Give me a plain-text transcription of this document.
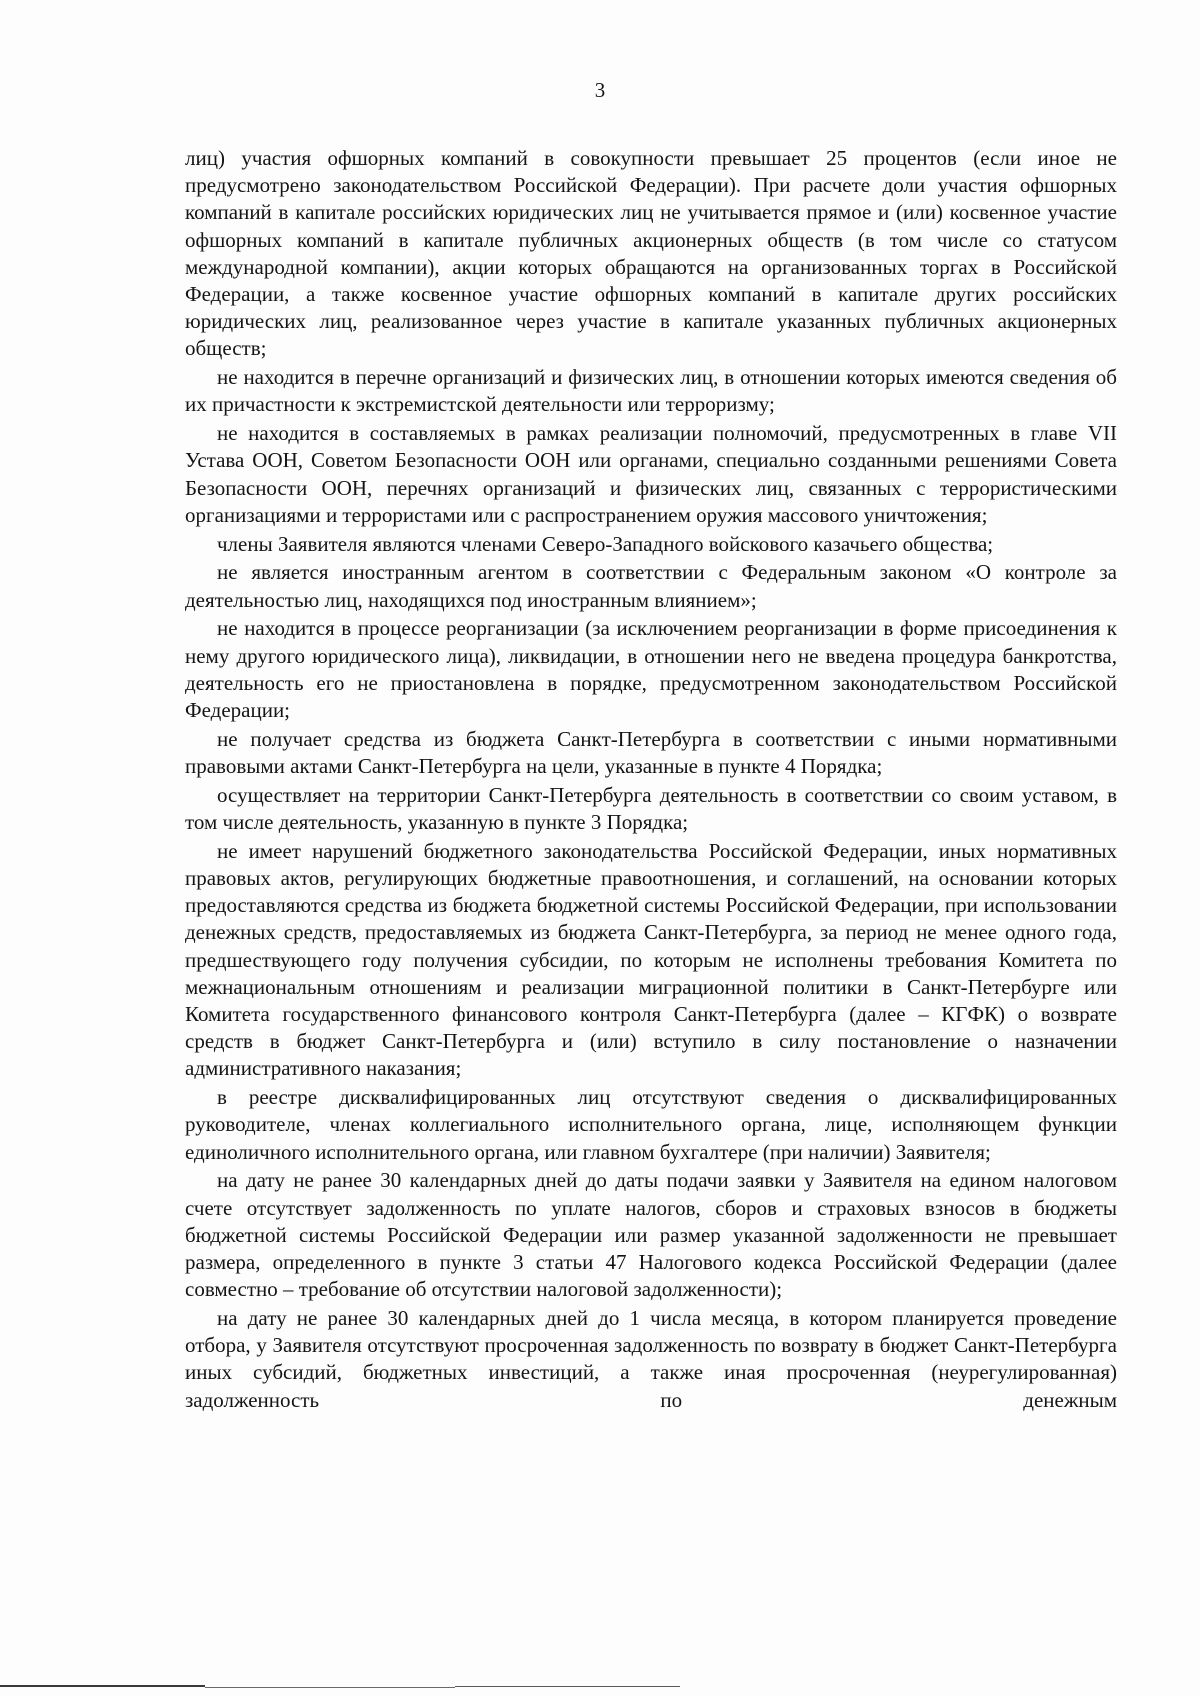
3

лиц) участия офшорных компаний в совокупности превышает 25 процентов (если иное не предусмотрено законодательством Российской Федерации). При расчете доли участия офшорных компаний в капитале российских юридических лиц не учитывается прямое и (или) косвенное участие офшорных компаний в капитале публичных акционерных обществ (в том числе со статусом международной компании), акции которых обращаются на организованных торгах в Российской Федерации, а также косвенное участие офшорных компаний в капитале других российских юридических лиц, реализованное через участие в капитале указанных публичных акционерных обществ;

не находится в перечне организаций и физических лиц, в отношении которых имеются сведения об их причастности к экстремистской деятельности или терроризму;

не находится в составляемых в рамках реализации полномочий, предусмотренных в главе VII Устава ООН, Советом Безопасности ООН или органами, специально созданными решениями Совета Безопасности ООН, перечнях организаций и физических лиц, связанных с террористическими организациями и террористами или с распространением оружия массового уничтожения;

члены Заявителя являются членами Северо-Западного войскового казачьего общества;

не является иностранным агентом в соответствии с Федеральным законом «О контроле за деятельностью лиц, находящихся под иностранным влиянием»;

не находится в процессе реорганизации (за исключением реорганизации в форме присоединения к нему другого юридического лица), ликвидации, в отношении него не введена процедура банкротства, деятельность его не приостановлена в порядке, предусмотренном законодательством Российской Федерации;

не получает средства из бюджета Санкт-Петербурга в соответствии с иными нормативными правовыми актами Санкт-Петербурга на цели, указанные в пункте 4 Порядка;

осуществляет на территории Санкт-Петербурга деятельность в соответствии со своим уставом, в том числе деятельность, указанную в пункте 3 Порядка;

не имеет нарушений бюджетного законодательства Российской Федерации, иных нормативных правовых актов, регулирующих бюджетные правоотношения, и соглашений, на основании которых предоставляются средства из бюджета бюджетной системы Российской Федерации, при использовании денежных средств, предоставляемых из бюджета Санкт-Петербурга, за период не менее одного года, предшествующего году получения субсидии, по которым не исполнены требования Комитета по межнациональным отношениям и реализации миграционной политики в Санкт-Петербурге или Комитета государственного финансового контроля Санкт-Петербурга (далее – КГФК) о возврате средств в бюджет Санкт-Петербурга и (или) вступило в силу постановление о назначении административного наказания;

в реестре дисквалифицированных лиц отсутствуют сведения о дисквалифицированных руководителе, членах коллегиального исполнительного органа, лице, исполняющем функции единоличного исполнительного органа, или главном бухгалтере (при наличии) Заявителя;

на дату не ранее 30 календарных дней до даты подачи заявки у Заявителя на едином налоговом счете отсутствует задолженность по уплате налогов, сборов и страховых взносов в бюджеты бюджетной системы Российской Федерации или размер указанной задолженности не превышает размера, определенного в пункте 3 статьи 47 Налогового кодекса Российской Федерации (далее совместно – требование об отсутствии налоговой задолженности);

на дату не ранее 30 календарных дней до 1 числа месяца, в котором планируется проведение отбора, у Заявителя отсутствуют просроченная задолженность по возврату в бюджет Санкт-Петербурга иных субсидий, бюджетных инвестиций, а также иная просроченная (неурегулированная) задолженность по денежным
